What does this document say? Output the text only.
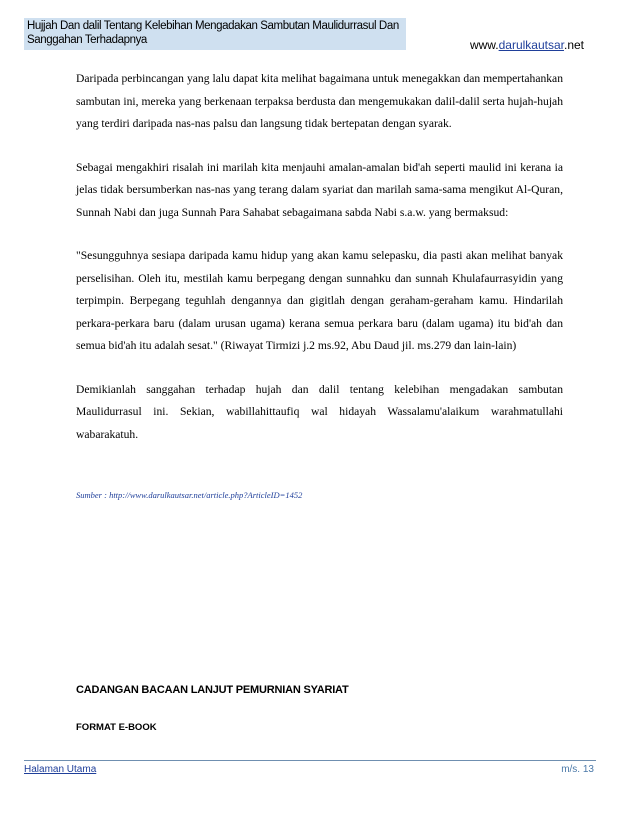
Hujjah Dan dalil Tentang Kelebihan Mengadakan Sambutan Maulidurrasul Dan
Sanggahan Terhadapnya	www.darulkautsar.net

Daripada perbincangan yang lalu dapat kita melihat bagaimana untuk menegakkan dan mempertahankan sambutan ini, mereka yang berkenaan terpaksa berdusta dan mengemukakan dalil-dalil serta hujah-hujah yang terdiri daripada nas-nas palsu dan langsung tidak bertepatan dengan syarak.

Sebagai mengakhiri risalah ini marilah kita menjauhi amalan-amalan bid'ah seperti maulid ini kerana ia jelas tidak bersumberkan nas-nas yang terang dalam syariat dan marilah sama-sama mengikut Al-Quran, Sunnah Nabi dan juga Sunnah Para Sahabat sebagaimana sabda Nabi s.a.w. yang bermaksud:

"Sesungguhnya sesiapa daripada kamu hidup yang akan kamu selepasku, dia pasti akan melihat banyak perselisihan. Oleh itu, mestilah kamu berpegang dengan sunnahku dan sunnah Khulafaurrasyidin yang terpimpin. Berpegang teguhlah dengannya dan gigitlah dengan geraham-geraham kamu. Hindarilah perkara-perkara baru (dalam urusan ugama) kerana semua perkara baru (dalam ugama) itu bid'ah dan semua bid'ah itu adalah sesat." (Riwayat Tirmizi j.2 ms.92, Abu Daud jil. ms.279 dan lain-lain)

Demikianlah sanggahan terhadap hujah dan dalil tentang kelebihan mengadakan sambutan Maulidurrasul ini. Sekian, wabillahittaufiq wal hidayah Wassalamu'alaikum warahmatullahi wabarakatuh.

Sumber : http://www.darulkautsar.net/article.php?ArticleID=1452
CADANGAN BACAAN LANJUT PEMURNIAN SYARIAT
FORMAT E-BOOK
Halaman Utama	m/s. 13
